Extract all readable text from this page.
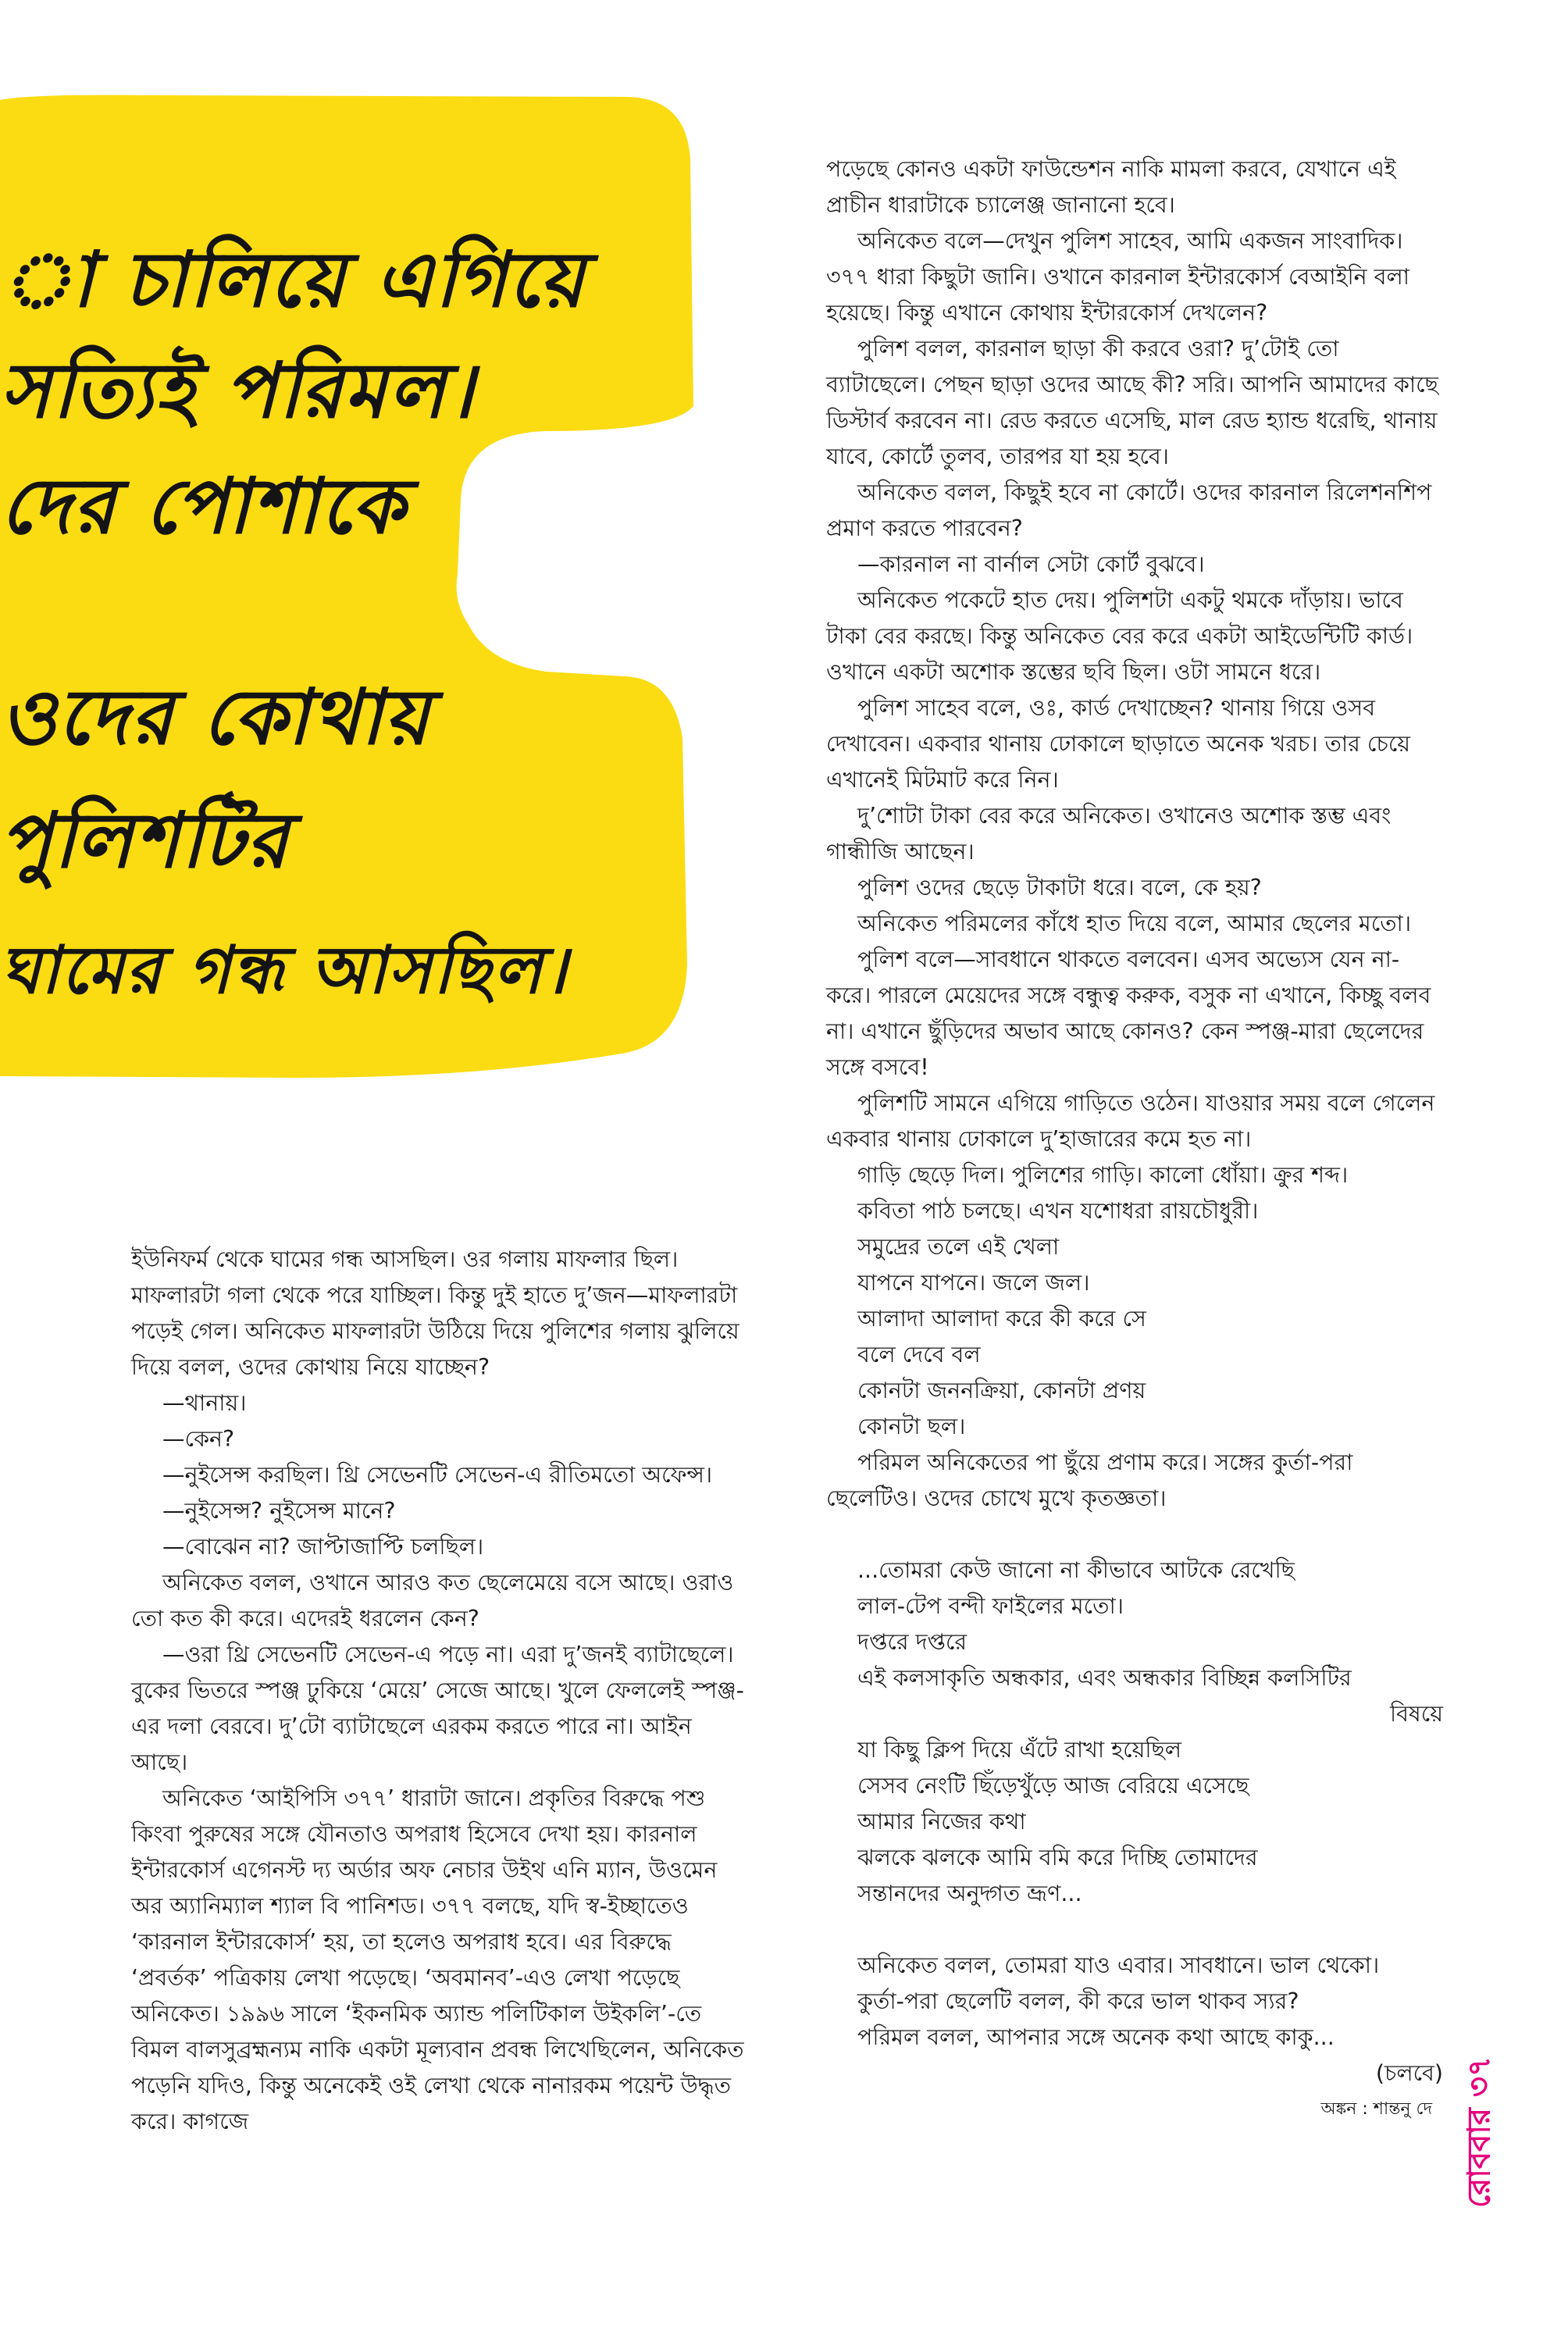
া চালিয়ে এগিয়ে

সত্যিই পরিমল।

দের পোশাকে

ওদের কোথায়

পুলিশটির

ঘামের গন্ধ আসছিল।

ইউনিফর্ম থেকে ঘামের গন্ধ আসছিল। ওর গলায় মাফলার ছিল। মাফলারটা গলা থেকে পরে যাচ্ছিল। কিন্তু দুই হাতে দু’জন—মাফলারটা পড়েই গেল। অনিকেত মাফলারটা উঠিয়ে দিয়ে পুলিশের গলায় ঝুলিয়ে দিয়ে বলল, ওদের কোথায় নিয়ে যাচ্ছেন?

—থানায়।

—কেন?

—নুইসেন্স করছিল। থ্রি সেভেনটি সেভেন-এ রীতিমতো অফেন্স।

—নুইসেন্স? নুইসেন্স মানে?

—বোঝেন না? জাপ্টাজাপ্টি চলছিল।

অনিকেত বলল, ওখানে আরও কত ছেলেমেয়ে বসে আছে। ওরাও তো কত কী করে। এদেরই ধরলেন কেন?

—ওরা থ্রি সেভেনটি সেভেন-এ পড়ে না। এরা দু’জনই ব্যাটাছেলে। বুকের ভিতরে স্পঞ্জ ঢুকিয়ে ‘মেয়ে’ সেজে আছে। খুলে ফেললেই স্পঞ্জ-এর দলা বেরবে। দু’টো ব্যাটাছেলে এরকম করতে পারে না। আইন আছে।

অনিকেত ‘আইপিসি ৩৭৭’ ধারাটা জানে। প্রকৃতির বিরুদ্ধে পশু কিংবা পুরুষের সঙ্গে যৌনতাও অপরাধ হিসেবে দেখা হয়। কারনাল ইন্টারকোর্স এগেনস্ট দ্য অর্ডার অফ নেচার উইথ এনি ম্যান, উওমেন অর অ্যানিম্যাল শ্যাল বি পানিশড। ৩৭৭ বলছে, যদি স্ব-ইচ্ছাতেও ‘কারনাল ইন্টারকোর্স’ হয়, তা হলেও অপরাধ হবে। এর বিরুদ্ধে ‘প্রবর্তক’ পত্রিকায় লেখা পড়েছে। ‘অবমানব’-এও লেখা পড়েছে অনিকেত। ১৯৯৬ সালে ‘ইকনমিক অ্যান্ড পলিটিকাল উইকলি’-তে বিমল বালসুব্রহ্মন্যম নাকি একটা মূল্যবান প্রবন্ধ লিখেছিলেন, অনিকেত পড়েনি যদিও, কিন্তু অনেকেই ওই লেখা থেকে নানারকম পয়েন্ট উদ্ধৃত করে। কাগজে

পড়েছে কোনও একটা ফাউন্ডেশন নাকি মামলা করবে, যেখানে এই প্রাচীন ধারাটাকে চ্যালেঞ্জ জানানো হবে।

অনিকেত বলে—দেখুন পুলিশ সাহেব, আমি একজন সাংবাদিক। ৩৭৭ ধারা কিছুটা জানি। ওখানে কারনাল ইন্টারকোর্স বেআইনি বলা হয়েছে। কিন্তু এখানে কোথায় ইন্টারকোর্স দেখলেন?

পুলিশ বলল, কারনাল ছাড়া কী করবে ওরা? দু’টোই তো ব্যাটাছেলে। পেছন ছাড়া ওদের আছে কী? সরি। আপনি আমাদের কাছে ডিস্টার্ব করবেন না। রেড করতে এসেছি, মাল রেড হ্যান্ড ধরেছি, থানায় যাবে, কোর্টে তুলব, তারপর যা হয় হবে।

অনিকেত বলল, কিছুই হবে না কোর্টে। ওদের কারনাল রিলেশনশিপ প্রমাণ করতে পারবেন?

—কারনাল না বার্নাল সেটা কোর্ট বুঝবে।

অনিকেত পকেটে হাত দেয়। পুলিশটা একটু থমকে দাঁড়ায়। ভাবে টাকা বের করছে। কিন্তু অনিকেত বের করে একটা আইডেন্টিটি কার্ড। ওখানে একটা অশোক স্তম্ভের ছবি ছিল। ওটা সামনে ধরে।

পুলিশ সাহেব বলে, ওঃ, কার্ড দেখাচ্ছেন? থানায় গিয়ে ওসব দেখাবেন। একবার থানায় ঢোকালে ছাড়াতে অনেক খরচ। তার চেয়ে এখানেই মিটমাট করে নিন।

দু’শোটা টাকা বের করে অনিকেত। ওখানেও অশোক স্তম্ভ এবং গান্ধীজি আছেন।

পুলিশ ওদের ছেড়ে টাকাটা ধরে। বলে, কে হয়?

অনিকেত পরিমলের কাঁধে হাত দিয়ে বলে, আমার ছেলের মতো।

পুলিশ বলে—সাবধানে থাকতে বলবেন। এসব অভ্যেস যেন না-করে। পারলে মেয়েদের সঙ্গে বন্ধুত্ব করুক, বসুক না এখানে, কিচ্ছু বলব না। এখানে ছুঁড়িদের অভাব আছে কোনও? কেন স্পঞ্জ-মারা ছেলেদের সঙ্গে বসবে!

পুলিশটি সামনে এগিয়ে গাড়িতে ওঠেন। যাওয়ার সময় বলে গেলেন একবার থানায় ঢোকালে দু’হাজারের কমে হত না।

গাড়ি ছেড়ে দিল। পুলিশের গাড়ি। কালো ধোঁয়া। ক্রুর শব্দ।

কবিতা পাঠ চলছে। এখন যশোধরা রায়চৌধুরী।

সমুদ্রের তলে এই খেলা

যাপনে যাপনে। জলে জল।

আলাদা আলাদা করে কী করে সে

বলে দেবে বল

কোনটা জননক্রিয়া, কোনটা প্রণয়

কোনটা ছল।

পরিমল অনিকেতের পা ছুঁয়ে প্রণাম করে। সঙ্গের কুর্তা-পরা ছেলেটিও। ওদের চোখে মুখে কৃতজ্ঞতা।

...তোমরা কেউ জানো না কীভাবে আটকে রেখেছি

লাল-টেপ বন্দী ফাইলের মতো।

দপ্তরে দপ্তরে

এই কলসাকৃতি অন্ধকার, এবং অন্ধকার বিচ্ছিন্ন কলসিটির

বিষয়ে

যা কিছু ক্লিপ দিয়ে এঁটে রাখা হয়েছিল

সেসব নেংটি ছিঁড়েখুঁড়ে আজ বেরিয়ে এসেছে

আমার নিজের কথা

ঝলকে ঝলকে আমি বমি করে দিচ্ছি তোমাদের

সন্তানদের অনুদ্গত ভ্রূণ...

অনিকেত বলল, তোমরা যাও এবার। সাবধানে। ভাল থেকো।

কুর্তা-পরা ছেলেটি বলল, কী করে ভাল থাকব স্যর?

পরিমল বলল, আপনার সঙ্গে অনেক কথা আছে কাকু...

(চলবে)

অঙ্কন : শান্তনু দে রোববার ৩৭
